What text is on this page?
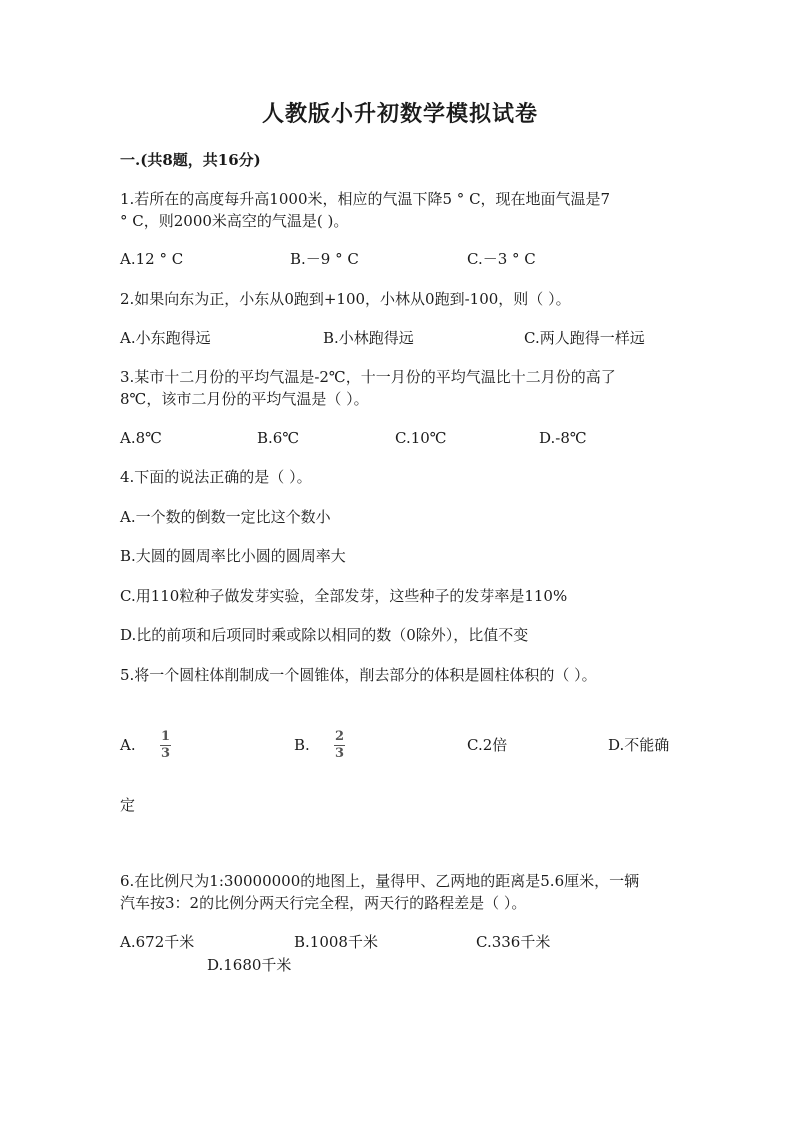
人教版小升初数学模拟试卷
一.(共8题，共16分)
1.若所在的高度每升高1000米，相应的气温下降5 ° C，现在地面气温是7
° C，则2000米高空的气温是( )。
A.12 ° C	B.－9 ° C	C.－3 ° C
2.如果向东为正，小东从0跑到+100，小林从0跑到-100，则（ ）。
A.小东跑得远	B.小林跑得远	C.两人跑得一样远
3.某市十二月份的平均气温是-2℃，十一月份的平均气温比十二月份的高了
8℃，该市二月份的平均气温是（ ）。
A.8℃	B.6℃	C.10℃	D.-8℃
4.下面的说法正确的是（ ）。
A.一个数的倒数一定比这个数小
B.大圆的圆周率比小圆的圆周率大
C.用110粒种子做发芽实验，全部发芽，这些种子的发芽率是110%
D.比的前项和后项同时乘或除以相同的数（0除外），比值不变
5.将一个圆柱体削制成一个圆锥体，削去部分的体积是圆柱体积的（ ）。
A. 1
3	B. 2
3	C.2倍	D.不能确
定
6.在比例尺为1:30000000的地图上，量得甲、乙两地的距离是5.6厘米，一辆
汽车按3：2的比例分两天行完全程，两天行的路程差是（ ）。
A.672千米	B.1008千米	C.336千米
D.1680千米
